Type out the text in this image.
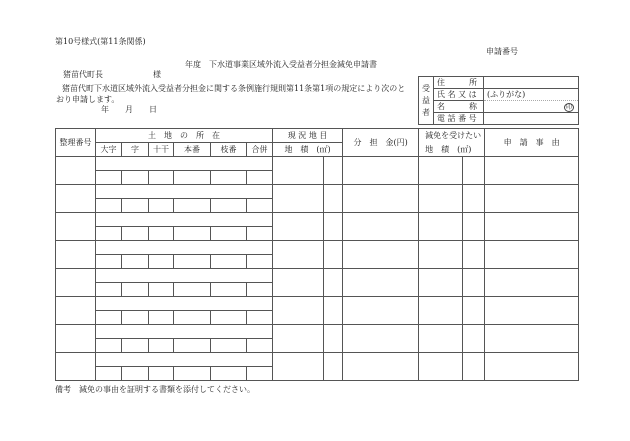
第10号様式(第11条関係)
申請番号
年度　下水道事業区域外流入受益者分担金減免申請書
猪苗代町長	様
猪苗代町下水道区域外流入受益者分担金に関する条例施行規則第11条第1項の規定により次のと
おり申請します。
年 月 日
受
益
者	住　　　所	
	氏 名 又 は	(ふりがな)
	名　　　称	印
	電 話 番 号	
整理番号	土　地　の　所　在						現 況 地 目		分　担　金(円)	減免を受けたい		申　請　事　由
	大字	字	十干	本番	枝番	合併	地　積　(㎡)			地　積　(㎡)		

備考　減免の事由を証明する書類を添付してください。
